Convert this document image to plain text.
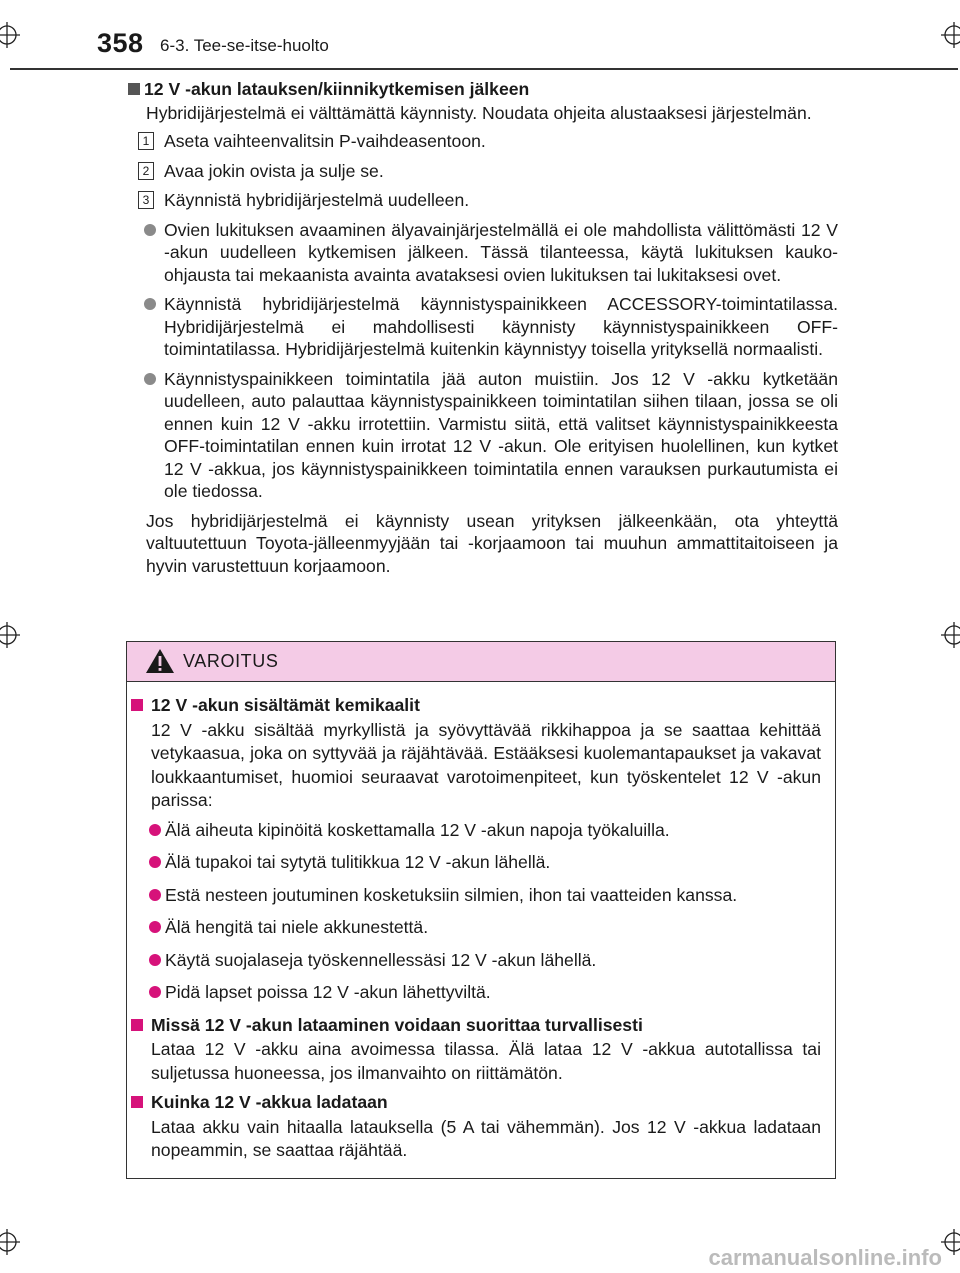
358 6-3. Tee-se-itse-huolto
12 V -akun latauksen/kiinnikytkemisen jälkeen
Hybridijärjestelmä ei välttämättä käynnisty. Noudata ohjeita alustaaksesi järjestelmän.
1 Aseta vaihteenvalitsin P-vaihdeasentoon.
2 Avaa jokin ovista ja sulje se.
3 Käynnistä hybridijärjestelmä uudelleen.
Ovien lukituksen avaaminen älyavainjärjestelmällä ei ole mahdollista välittömästi 12 V -akun uudelleen kytkemisen jälkeen. Tässä tilanteessa, käytä lukituksen kauko-ohjausta tai mekaanista avainta avataksesi ovien lukituksen tai lukitaksesi ovet.
Käynnistä hybridijärjestelmä käynnistyspainikkeen ACCESSORY-toimintatilassa. Hybridijärjestelmä ei mahdollisesti käynnisty käynnistyspainikkeen OFF-toimintatilassa. Hybridijärjestelmä kuitenkin käynnistyy toisella yrityksellä normaalisti.
Käynnistyspainikkeen toimintatila jää auton muistiin. Jos 12 V -akku kytketään uudelleen, auto palauttaa käynnistyspainikkeen toimintatilan siihen tilaan, jossa se oli ennen kuin 12 V -akku irrotettiin. Varmistu siitä, että valitset käynnistyspainikkeesta OFF-toimintatilan ennen kuin irrotat 12 V -akun. Ole erityisen huolellinen, kun kytket 12 V -akkua, jos käynnistyspainikkeen toimintatila ennen varauksen purkautumista ei ole tiedossa.
Jos hybridijärjestelmä ei käynnisty usean yrityksen jälkeenkään, ota yhteyttä valtuutettuun Toyota-jälleenmyyjään tai -korjaamoon tai muuhun ammattitaitoiseen ja hyvin varustettuun korjaamoon.
VAROITUS
12 V -akun sisältämät kemikaalit
12 V -akku sisältää myrkyllistä ja syövyttävää rikkihappoa ja se saattaa kehittää vetykaasua, joka on syttyvää ja räjähtävää. Estääksesi kuolemantapaukset ja vakavat loukkaantumiset, huomioi seuraavat varotoimenpiteet, kun työskentelet 12 V -akun parissa:
Älä aiheuta kipinöitä koskettamalla 12 V -akun napoja työkaluilla.
Älä tupakoi tai sytytä tulitikkua 12 V -akun lähellä.
Estä nesteen joutuminen kosketuksiin silmien, ihon tai vaatteiden kanssa.
Älä hengitä tai niele akkunestettä.
Käytä suojalaseja työskennellessäsi 12 V -akun lähellä.
Pidä lapset poissa 12 V -akun lähettyviltä.
Missä 12 V -akun lataaminen voidaan suorittaa turvallisesti
Lataa 12 V -akku aina avoimessa tilassa. Älä lataa 12 V -akkua autotallissa tai suljetussa huoneessa, jos ilmanvaihto on riittämätön.
Kuinka 12 V -akkua ladataan
Lataa akku vain hitaalla latauksella (5 A tai vähemmän). Jos 12 V -akkua ladataan nopeammin, se saattaa räjähtää.
carmanualsonline.info
